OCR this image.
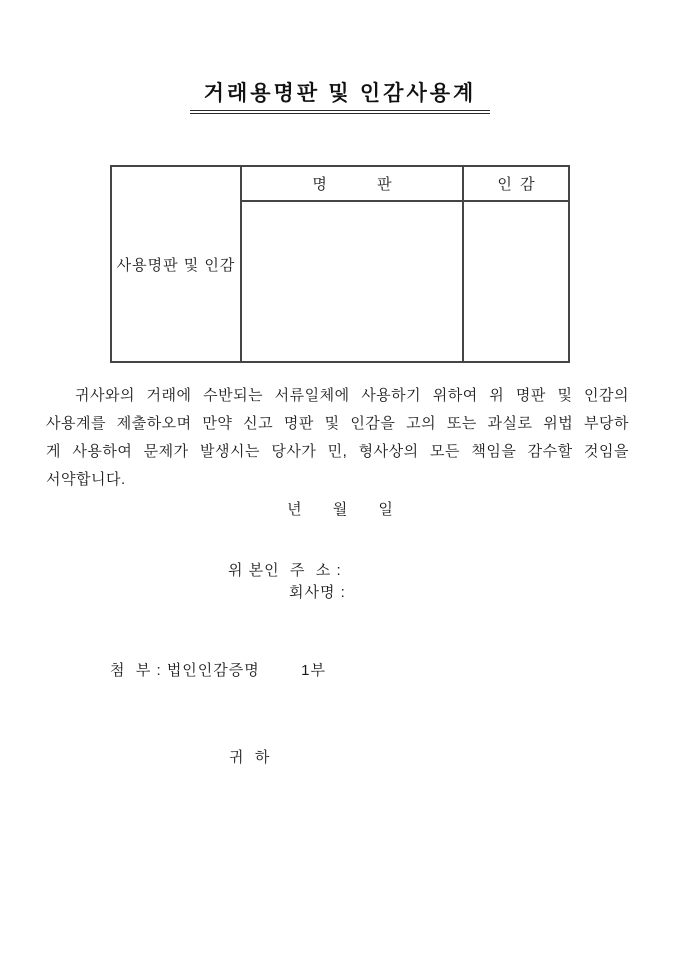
거래용명판 및 인감사용계
사용명판 및 인감	명 판	인 감

귀사와의 거래에 수반되는 서류일체에 사용하기 위하여 위 명판 및 인감의 사용계를 제출하오며 만약 신고 명판 및 인감을 고의 또는 과실로 위법 부당하게 사용하여 문제가 발생시는 당사가 민, 형사상의 모든 책임을 감수할 것임을 서약합니다.

년 월 일
위 본인  주  소 :
회사명 :
첨  부 : 법인인감증명        1부
귀  하
